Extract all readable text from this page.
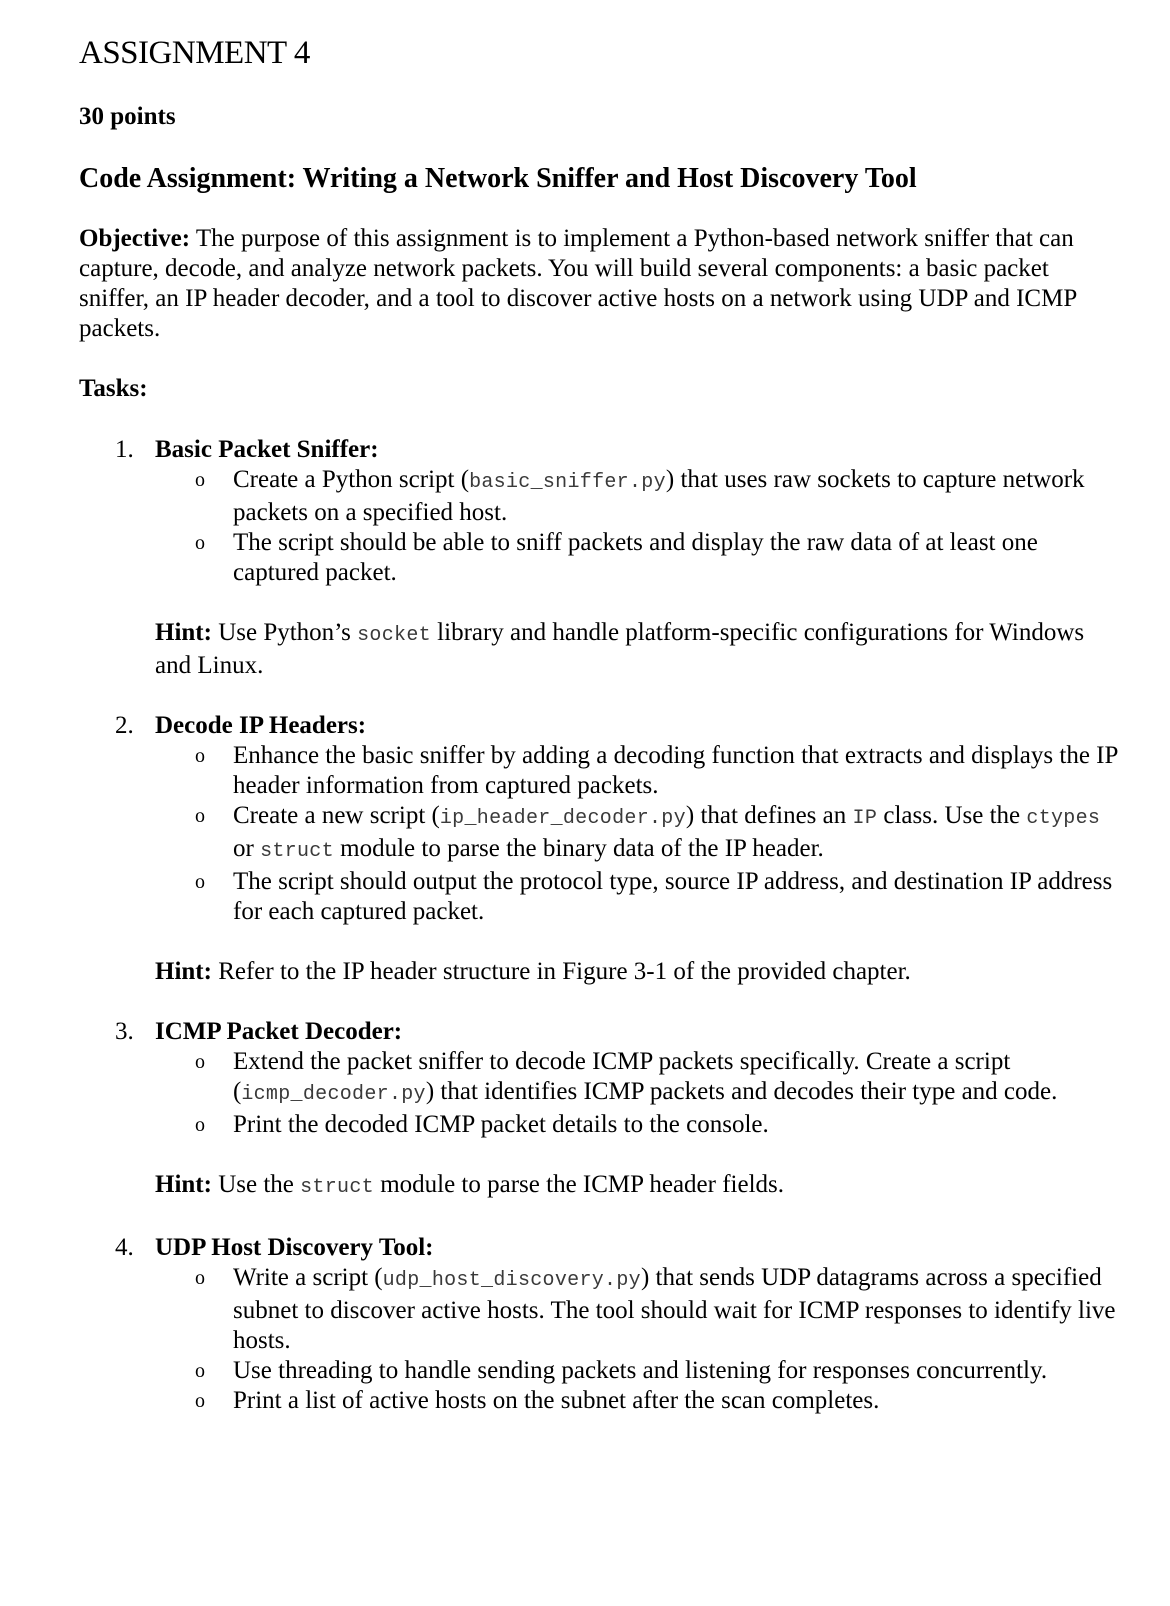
ASSIGNMENT 4
30 points
Code Assignment: Writing a Network Sniffer and Host Discovery Tool

Objective: The purpose of this assignment is to implement a Python-based network sniffer that can capture, decode, and analyze network packets. You will build several components: a basic packet sniffer, an IP header decoder, and a tool to discover active hosts on a network using UDP and ICMP packets.

Tasks:
1. Basic Packet Sniffer:
o Create a Python script (basic_sniffer.py) that uses raw sockets to capture network packets on a specified host.
o The script should be able to sniff packets and display the raw data of at least one captured packet.
Hint: Use Python’s socket library and handle platform-specific configurations for Windows and Linux.
2. Decode IP Headers:
o Enhance the basic sniffer by adding a decoding function that extracts and displays the IP header information from captured packets.
o Create a new script (ip_header_decoder.py) that defines an IP class. Use the ctypes or struct module to parse the binary data of the IP header.
o The script should output the protocol type, source IP address, and destination IP address for each captured packet.
Hint: Refer to the IP header structure in Figure 3-1 of the provided chapter.
3. ICMP Packet Decoder:
o Extend the packet sniffer to decode ICMP packets specifically. Create a script (icmp_decoder.py) that identifies ICMP packets and decodes their type and code.
o Print the decoded ICMP packet details to the console.
Hint: Use the struct module to parse the ICMP header fields.
4. UDP Host Discovery Tool:
o Write a script (udp_host_discovery.py) that sends UDP datagrams across a specified subnet to discover active hosts. The tool should wait for ICMP responses to identify live hosts.
o Use threading to handle sending packets and listening for responses concurrently.
o Print a list of active hosts on the subnet after the scan completes.
